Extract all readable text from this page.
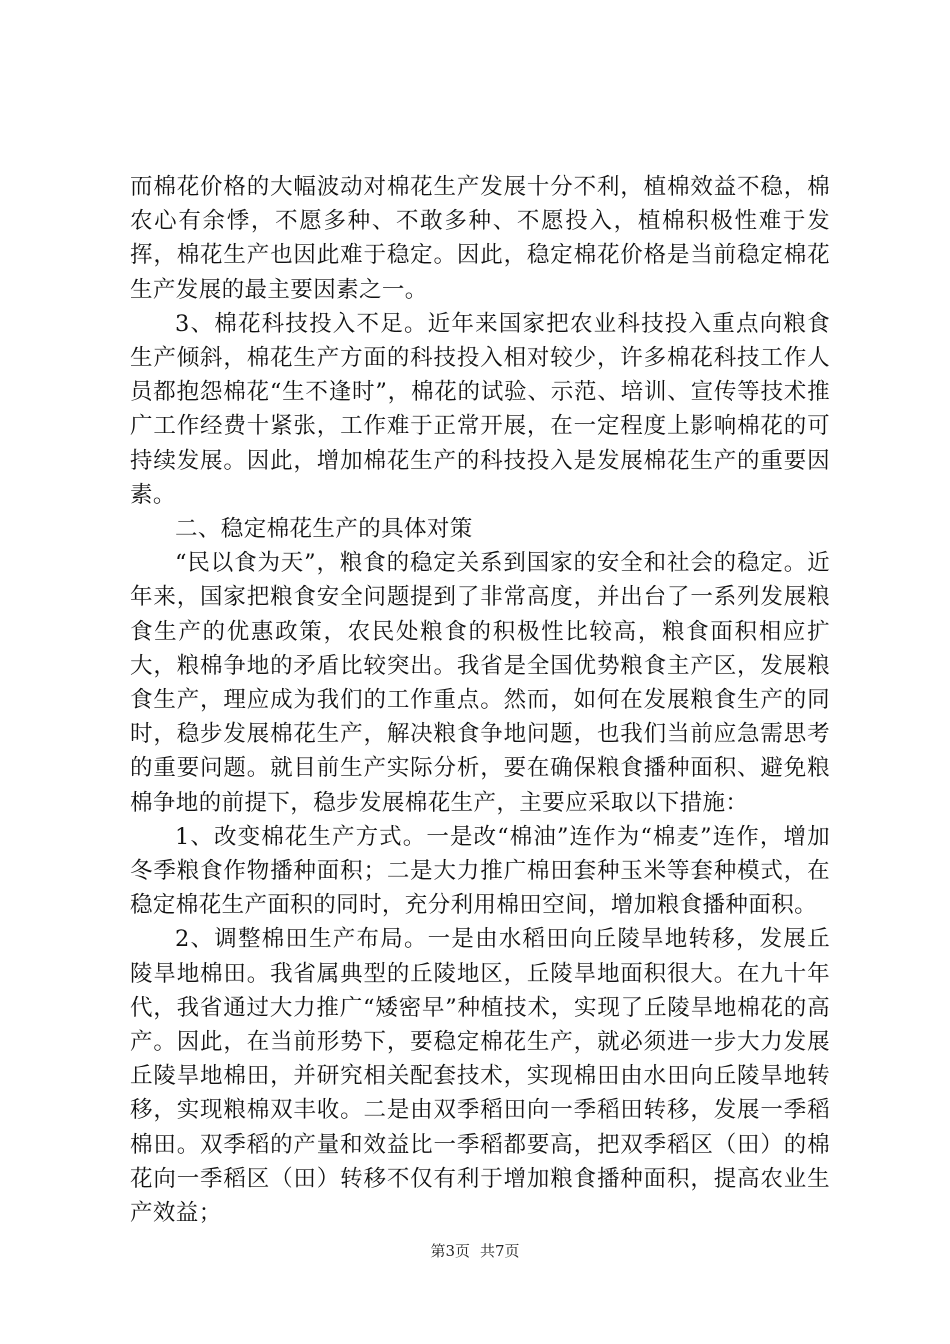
而棉花价格的大幅波动对棉花生产发展十分不利，植棉效益不稳，棉农心有余悸，不愿多种、不敢多种、不愿投入，植棉积极性难于发挥，棉花生产也因此难于稳定。因此，稳定棉花价格是当前稳定棉花生产发展的最主要因素之一。

3、棉花科技投入不足。近年来国家把农业科技投入重点向粮食生产倾斜，棉花生产方面的科技投入相对较少，许多棉花科技工作人员都抱怨棉花“生不逢时”，棉花的试验、示范、培训、宣传等技术推广工作经费十紧张，工作难于正常开展，在一定程度上影响棉花的可持续发展。因此，增加棉花生产的科技投入是发展棉花生产的重要因素。

二、稳定棉花生产的具体对策

“民以食为天”，粮食的稳定关系到国家的安全和社会的稳定。近年来，国家把粮食安全问题提到了非常高度，并出台了一系列发展粮食生产的优惠政策，农民处粮食的积极性比较高，粮食面积相应扩大，粮棉争地的矛盾比较突出。我省是全国优势粮食主产区，发展粮食生产，理应成为我们的工作重点。然而，如何在发展粮食生产的同时，稳步发展棉花生产，解决粮食争地问题，也我们当前应急需思考的重要问题。就目前生产实际分析，要在确保粮食播种面积、避免粮棉争地的前提下，稳步发展棉花生产，主要应采取以下措施：

1、改变棉花生产方式。一是改“棉油”连作为“棉麦”连作，增加冬季粮食作物播种面积；二是大力推广棉田套种玉米等套种模式，在稳定棉花生产面积的同时，充分利用棉田空间，增加粮食播种面积。

2、调整棉田生产布局。一是由水稻田向丘陵旱地转移，发展丘陵旱地棉田。我省属典型的丘陵地区，丘陵旱地面积很大。在九十年代，我省通过大力推广“矮密早”种植技术，实现了丘陵旱地棉花的高产。因此，在当前形势下，要稳定棉花生产，就必须进一步大力发展丘陵旱地棉田，并研究相关配套技术，实现棉田由水田向丘陵旱地转移，实现粮棉双丰收。二是由双季稻田向一季稻田转移，发展一季稻棉田。双季稻的产量和效益比一季稻都要高，把双季稻区（田）的棉花向一季稻区（田）转移不仅有利于增加粮食播种面积，提高农业生产效益；

第3页 共7页
